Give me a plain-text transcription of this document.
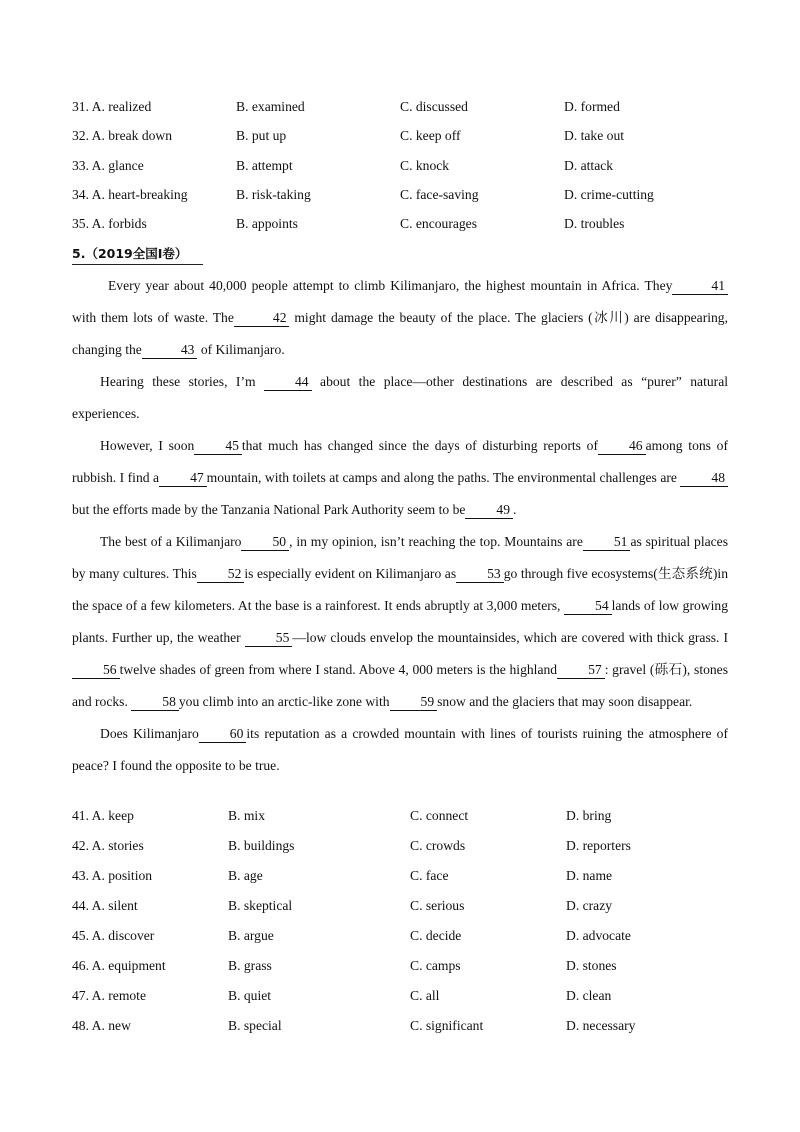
31. A. realized	B. examined	C. discussed	D. formed
32. A. break down	B. put up	C. keep off	D. take out
33. A. glance	B. attempt	C. knock	D. attack
34. A. heart-breaking	B. risk-taking	C. face-saving	D. crime-cutting
35. A. forbids	B. appoints	C. encourages	D. troubles
5.（2019全国I卷）

Every year about 40,000 people attempt to climb Kilimanjaro, the highest mountain in Africa. They	41 with them lots of waste. The	42 might damage the beauty of the place. The glaciers (冰川) are disappearing, changing the	43 of Kilimanjaro.

Hearing these stories, I’m 44 about the place—other destinations are described as “purer” natural experiences.

However, I soon 45 that much has changed since the days of disturbing reports of 46 among tons of rubbish. I find a 47 mountain, with toilets at camps and along the paths. The environmental challenges are 48 but the efforts made by the Tanzania National Park Authority seem to be 49 .

The best of a Kilimanjaro 50 , in my opinion, isn’t reaching the top. Mountains are 51 as spiritual places by many cultures. This 52 is especially evident on Kilimanjaro as 53 go through five ecosystems(生态系统)in the space of a few kilometers. At the base is a rainforest. It ends abruptly at 3,000 meters, 54 lands of low growing plants. Further up, the weather 55 —low clouds envelop the mountainsides, which are covered with thick grass. I56 twelve shades of green from where I stand. Above 4, 000 meters is the highland 57 : gravel (砾石), stones and rocks. 58 you climb into an arctic-like zone with 59 snow and the glaciers that may soon disappear.

Does Kilimanjaro 60 its reputation as a crowded mountain with lines of tourists ruining the atmosphere of peace? I found the opposite to be true.

41. A. keep	B. mix	C. connect	D. bring
42. A. stories	B. buildings	C. crowds	D. reporters
43. A. position	B. age	C. face	D. name
44. A. silent	B. skeptical	C. serious	D. crazy
45. A. discover	B. argue	C. decide	D. advocate
46. A. equipment	B. grass	C. camps	D. stones
47. A. remote	B. quiet	C. all	D. clean
48. A. new	B. special	C. significant	D. necessary
